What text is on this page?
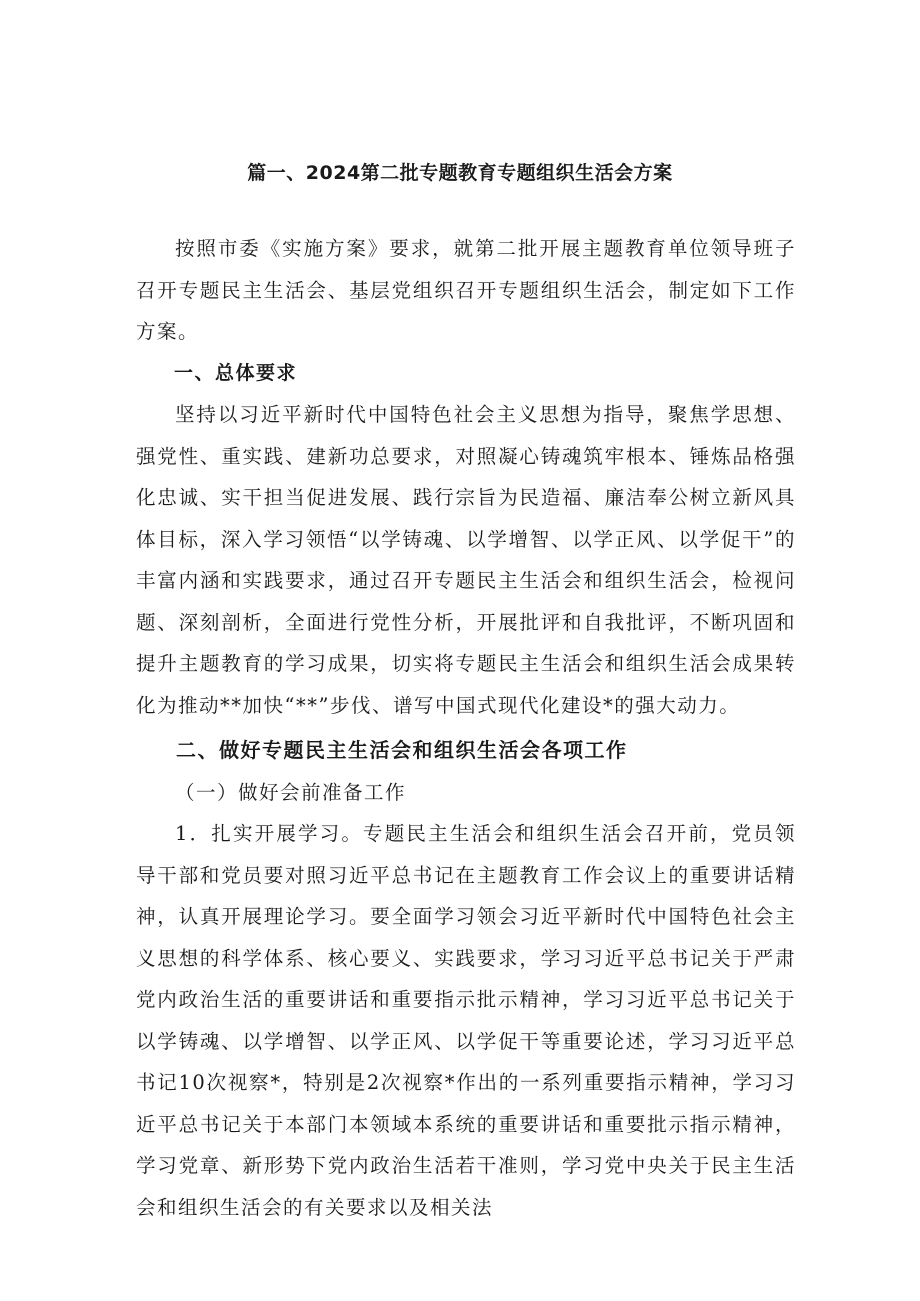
篇一、2024第二批专题教育专题组织生活会方案

按照市委《实施方案》要求，就第二批开展主题教育单位领导班子召开专题民主生活会、基层党组织召开专题组织生活会，制定如下工作方案。

一、总体要求

坚持以习近平新时代中国特色社会主义思想为指导，聚焦学思想、强党性、重实践、建新功总要求，对照凝心铸魂筑牢根本、锤炼品格强化忠诚、实干担当促进发展、践行宗旨为民造福、廉洁奉公树立新风具体目标，深入学习领悟“以学铸魂、以学增智、以学正风、以学促干”的丰富内涵和实践要求，通过召开专题民主生活会和组织生活会，检视问题、深刻剖析，全面进行党性分析，开展批评和自我批评，不断巩固和提升主题教育的学习成果，切实将专题民主生活会和组织生活会成果转化为推动**加快“**”步伐、谱写中国式现代化建设*的强大动力。

二、做好专题民主生活会和组织生活会各项工作

（一）做好会前准备工作

1．扎实开展学习。专题民主生活会和组织生活会召开前，党员领导干部和党员要对照习近平总书记在主题教育工作会议上的重要讲话精神，认真开展理论学习。要全面学习领会习近平新时代中国特色社会主义思想的科学体系、核心要义、实践要求，学习习近平总书记关于严肃党内政治生活的重要讲话和重要指示批示精神，学习习近平总书记关于以学铸魂、以学增智、以学正风、以学促干等重要论述，学习习近平总书记10次视察*，特别是2次视察*作出的一系列重要指示精神，学习习近平总书记关于本部门本领域本系统的重要讲话和重要批示指示精神，学习党章、新形势下党内政治生活若干准则，学习党中央关于民主生活会和组织生活会的有关要求以及相关法
